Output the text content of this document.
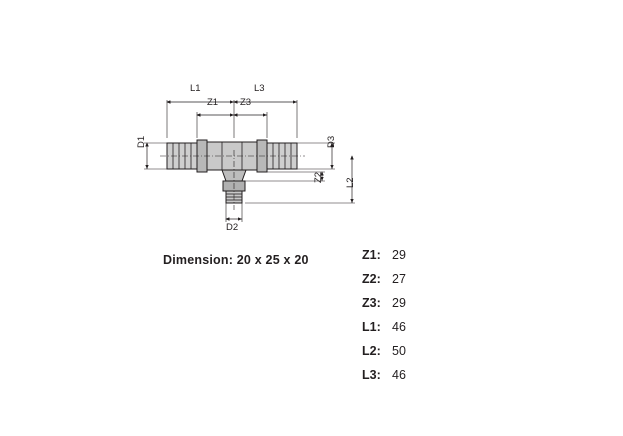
L1	L3
Z1 Z3
D1	D3
Z2 L2
D2
Dimension: 20 x 25 x 20	Z1: 29
Z2: 27
Z3: 29
L1: 46
L2: 50
L3: 46
